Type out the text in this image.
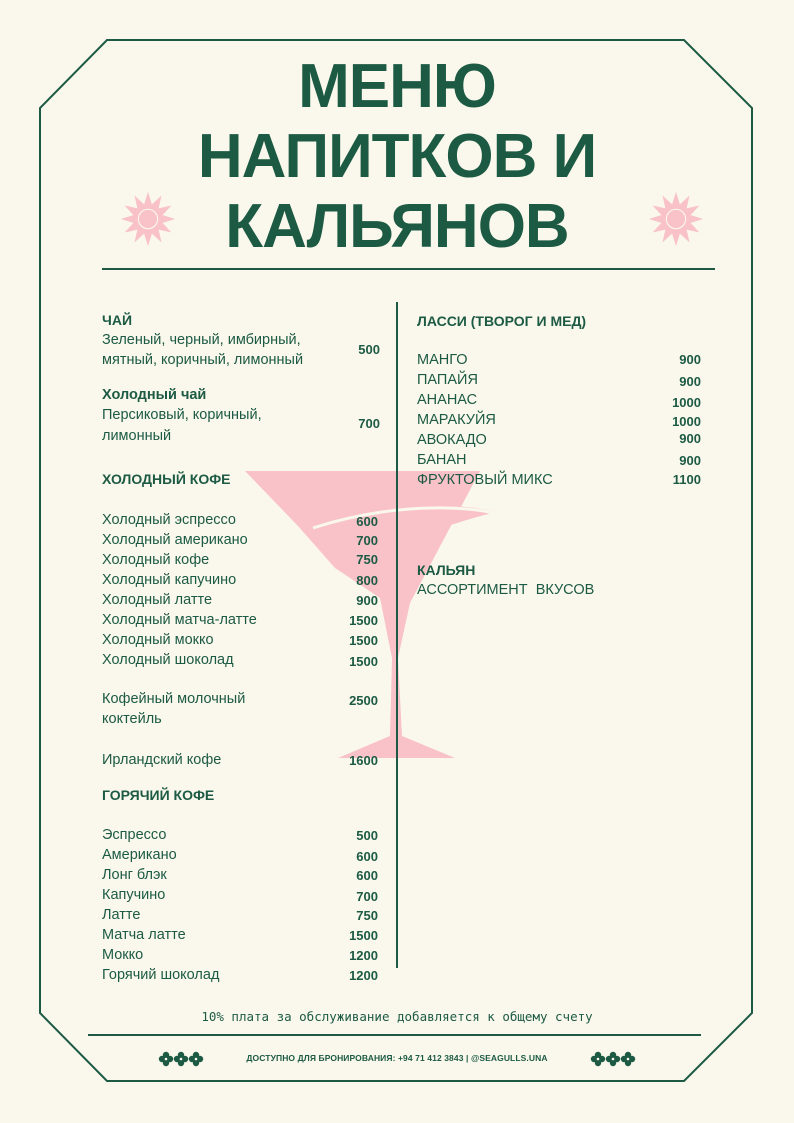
МЕНЮ
НАПИТКОВ И
КАЛЬЯНОВ
ЧАЙ
Зеленый, черный, имбирный,
мятный, коричный, лимонный
500
Холодный чай
Персиковый, коричный,
лимонный
700
ХОЛОДНЫЙ КОФЕ
Холодный эспрессо	600
Холодный американо	700
Холодный кофе	750
Холодный капучино	800
Холодный латте	900
Холодный матча-латте	1500
Холодный мокко	1500
Холодный шоколад	1500
Кофейный молочный
коктейль
2500
Ирландский кофе	1600
ГОРЯЧИЙ КОФЕ
Эспрессо	500
Американо	600
Лонг блэк	600
Капучино	700
Латте	750
Матча латте	1500
Мокко	1200
Горячий шоколад	1200
ЛАССИ (ТВОРОГ И МЕД)
МАНГО	900
ПАПАЙЯ	900
АНАНАС	1000
МАРАКУЙЯ	1000
АВОКАДО	900
БАНАН	900
ФРУКТОВЫЙ МИКС	1100
КАЛЬЯН
АССОРТИМЕНТ  ВКУСОВ
10% плата за обслуживание добавляется к общему счету
ДОСТУПНО ДЛЯ БРОНИРОВАНИЯ: +94 71 412 3843 | @SEAGULLS.UNA
